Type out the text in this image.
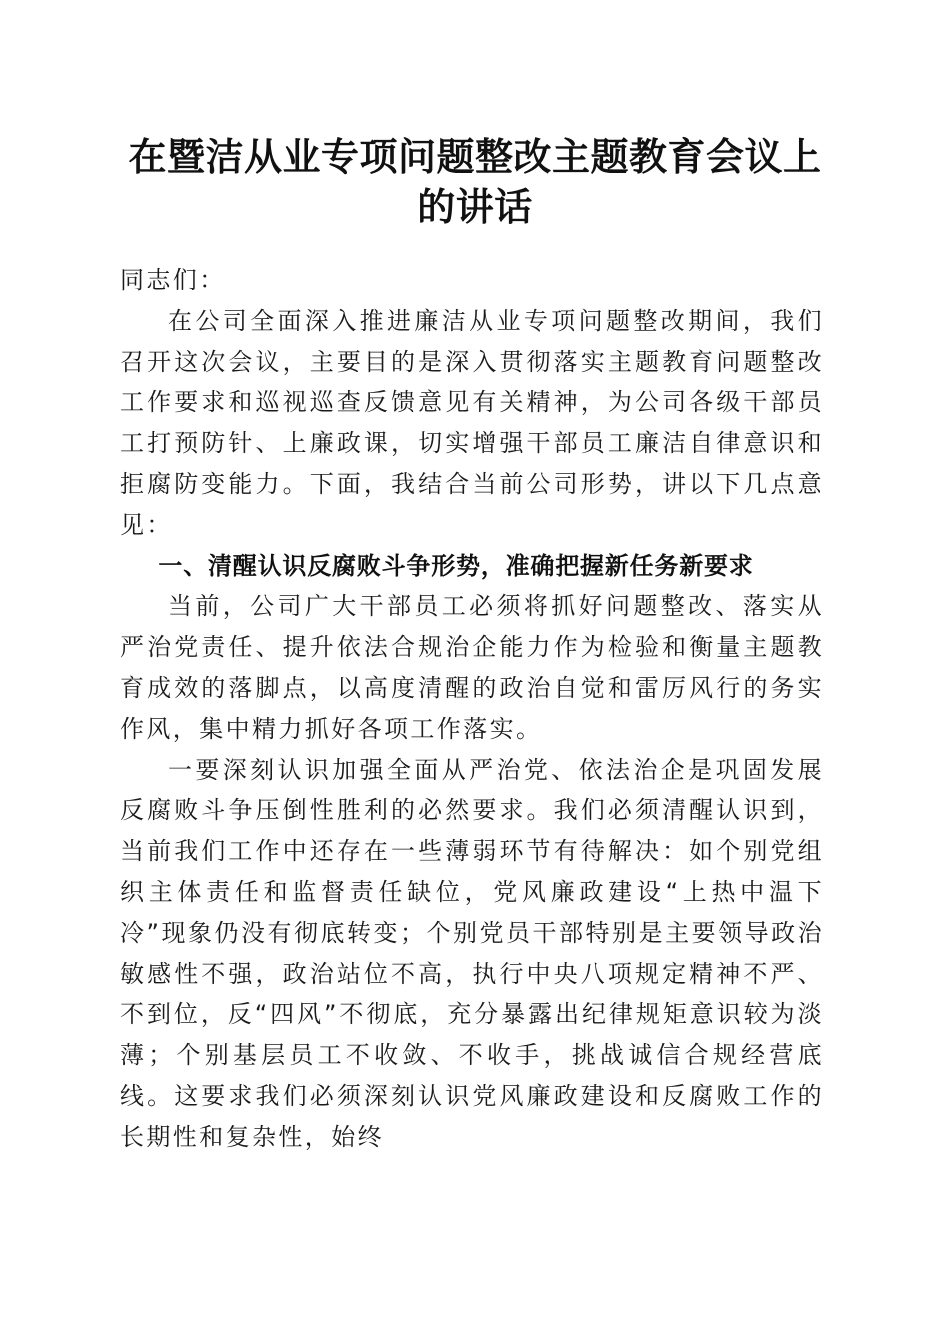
在暨洁从业专项问题整改主题教育会议上的讲话

同志们：

在公司全面深入推进廉洁从业专项问题整改期间，我们召开这次会议，主要目的是深入贯彻落实主题教育问题整改工作要求和巡视巡查反馈意见有关精神，为公司各级干部员工打预防针、上廉政课，切实增强干部员工廉洁自律意识和拒腐防变能力。下面，我结合当前公司形势，讲以下几点意见：

一、清醒认识反腐败斗争形势，准确把握新任务新要求

当前，公司广大干部员工必须将抓好问题整改、落实从严治党责任、提升依法合规治企能力作为检验和衡量主题教育成效的落脚点，以高度清醒的政治自觉和雷厉风行的务实作风，集中精力抓好各项工作落实。

一要深刻认识加强全面从严治党、依法治企是巩固发展反腐败斗争压倒性胜利的必然要求。我们必须清醒认识到，当前我们工作中还存在一些薄弱环节有待解决：如个别党组织主体责任和监督责任缺位，党风廉政建设“上热中温下冷”现象仍没有彻底转变；个别党员干部特别是主要领导政治敏感性不强，政治站位不高，执行中央八项规定精神不严、不到位，反“四风”不彻底，充分暴露出纪律规矩意识较为淡薄；个别基层员工不收敛、不收手，挑战诚信合规经营底线。这要求我们必须深刻认识党风廉政建设和反腐败工作的长期性和复杂性，始终
